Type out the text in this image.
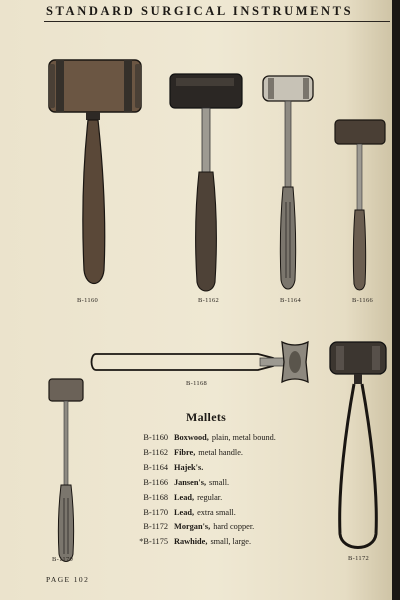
STANDARD SURGICAL INSTRUMENTS
B-1160	B-1162	B-1164	B-1166
B-1168
B-1170	B-1172
Mallets
B-1160 Boxwood, plain, metal bound.
B-1162 Fibre, metal handle.
B-1164 Hajek's.
B-1166 Jansen's, small.
B-1168 Lead, regular.
B-1170 Lead, extra small.
B-1172 Morgan's, hard copper.
*B-1175 Rawhide, small, large.
PAGE 102
